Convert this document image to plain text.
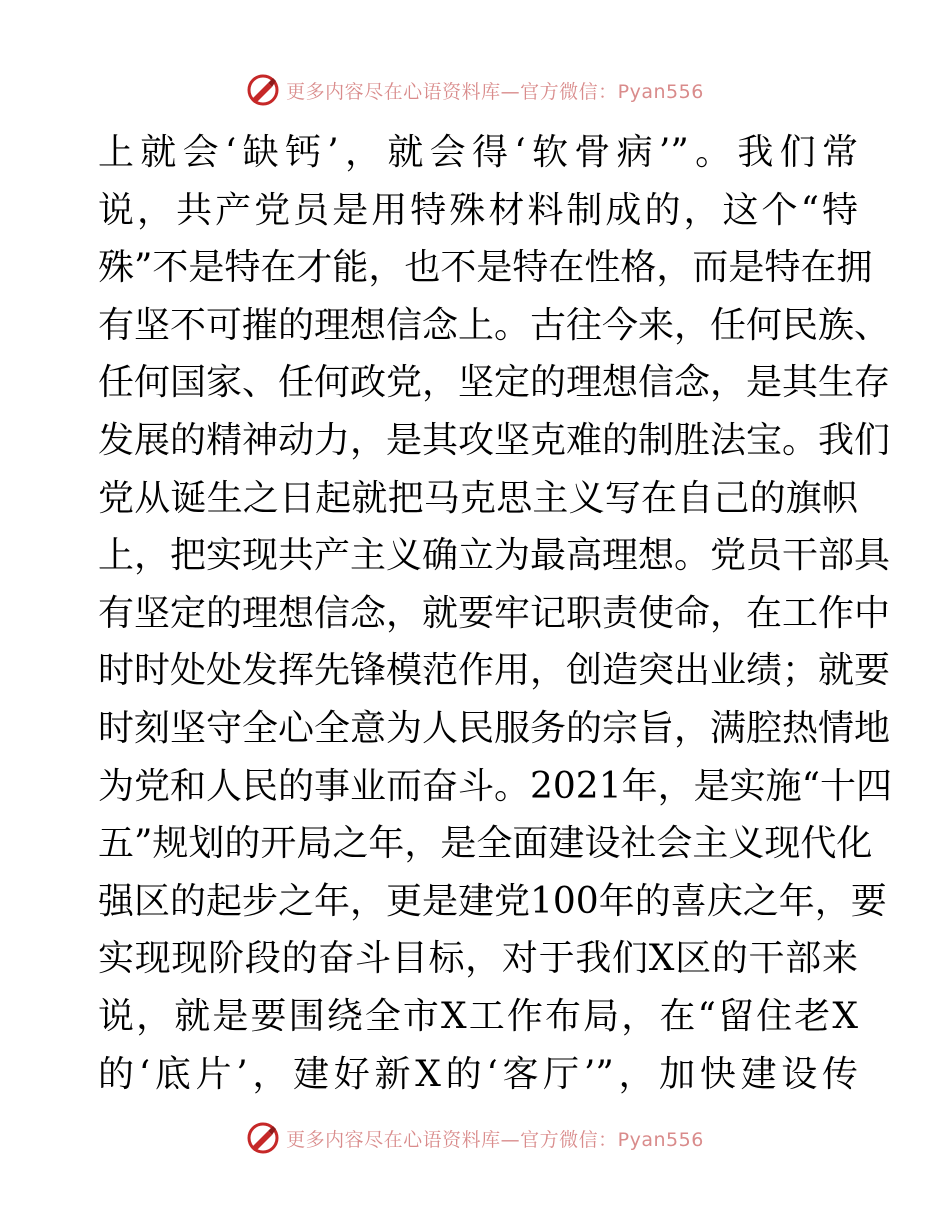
更多内容尽在心语资料库—官方微信：Pyan556
上就会‘缺钙’，就会得‘软骨病’”。我们常
说，共产党员是用特殊材料制成的，这个“特
殊”不是特在才能，也不是特在性格，而是特在拥
有坚不可摧的理想信念上。古往今来，任何民族、
任何国家、任何政党，坚定的理想信念，是其生存
发展的精神动力，是其攻坚克难的制胜法宝。我们
党从诞生之日起就把马克思主义写在自己的旗帜
上，把实现共产主义确立为最高理想。党员干部具
有坚定的理想信念，就要牢记职责使命，在工作中
时时处处发挥先锋模范作用，创造突出业绩；就要
时刻坚守全心全意为人民服务的宗旨，满腔热情地
为党和人民的事业而奋斗。2021年，是实施“十四
五”规划的开局之年，是全面建设社会主义现代化
强区的起步之年，更是建党100年的喜庆之年，要
实现现阶段的奋斗目标，对于我们X区的干部来
说，就是要围绕全市X工作布局，在“留住老X
的‘底片’，建好新X的‘客厅’”，加快建设传
更多内容尽在心语资料库—官方微信：Pyan556
